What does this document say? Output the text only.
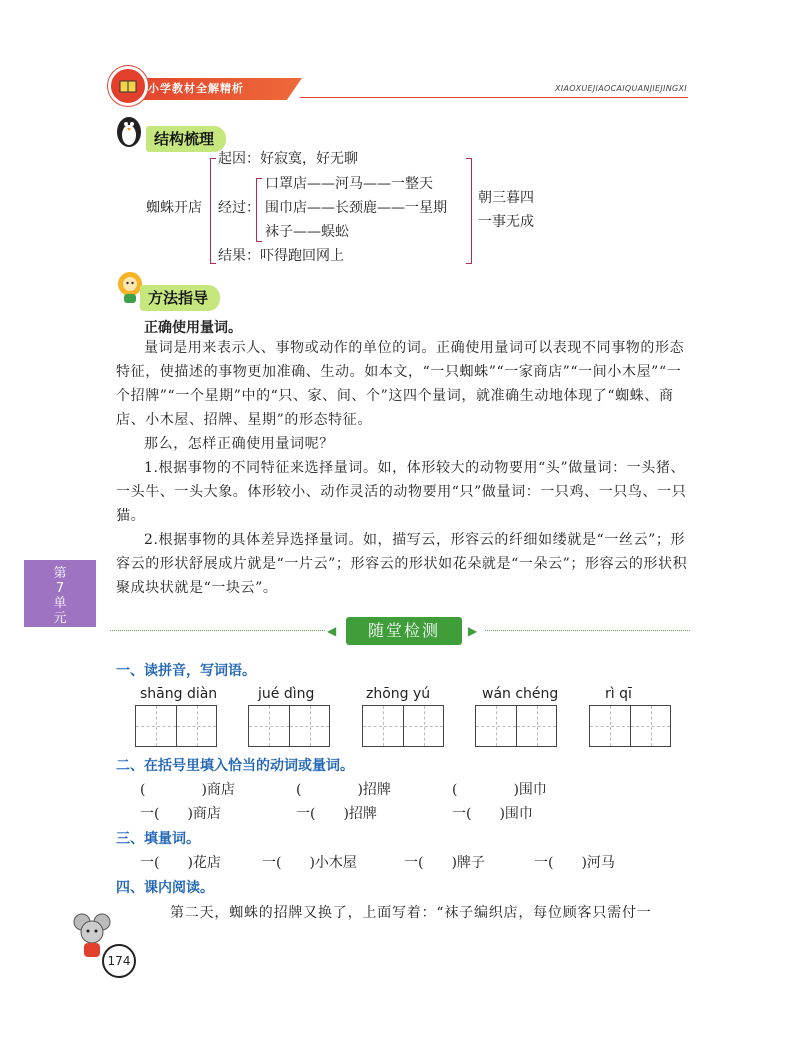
小学教材全解精析	XIAOXUEJIAOCAIQUANJIEJINGXI
结构梳理
蜘蛛开店
起因：好寂寞，好无聊
经过：
口罩店——河马——一整天
围巾店——长颈鹿——一星期
袜子——蜈蚣
结果：吓得跑回网上
朝三暮四
一事无成
方法指导
正确使用量词。
量词是用来表示人、事物或动作的单位的词。正确使用量词可以表现不同事物的形态特征，使描述的事物更加准确、生动。如本文，“一只蜘蛛”“一家商店”“一间小木屋”“一个招牌”“一个星期”中的“只、家、间、个”这四个量词，就准确生动地体现了“蜘蛛、商店、小木屋、招牌、星期”的形态特征。
那么，怎样正确使用量词呢？
1.根据事物的不同特征来选择量词。如，体形较大的动物要用“头”做量词：一头猪、一头牛、一头大象。体形较小、动作灵活的动物要用“只”做量词：一只鸡、一只鸟、一只猫。
2.根据事物的具体差异选择量词。如，描写云，形容云的纤细如缕就是“一丝云”；形容云的形状舒展成片就是“一片云”；形容云的形状如花朵就是“一朵云”；形容云的形状积聚成块状就是“一块云”。
第
7
单
元
◀	▶
随堂检测
一、读拼音，写词语。
shāng diàn	jué dìng	zhōng yú	wán chéng	rì qī
二、在括号里填入恰当的动词或量词。
(　　　　)商店	(　　　　)招牌	(　　　　)围巾
一(　　)商店	一(　　)招牌	一(　　)围巾
三、填量词。
一(　　)花店	一(　　)小木屋	一(　　)牌子	一(　　)河马
四、课内阅读。
第二天，蜘蛛的招牌又换了，上面写着：“袜子编织店，每位顾客只需付一
174
